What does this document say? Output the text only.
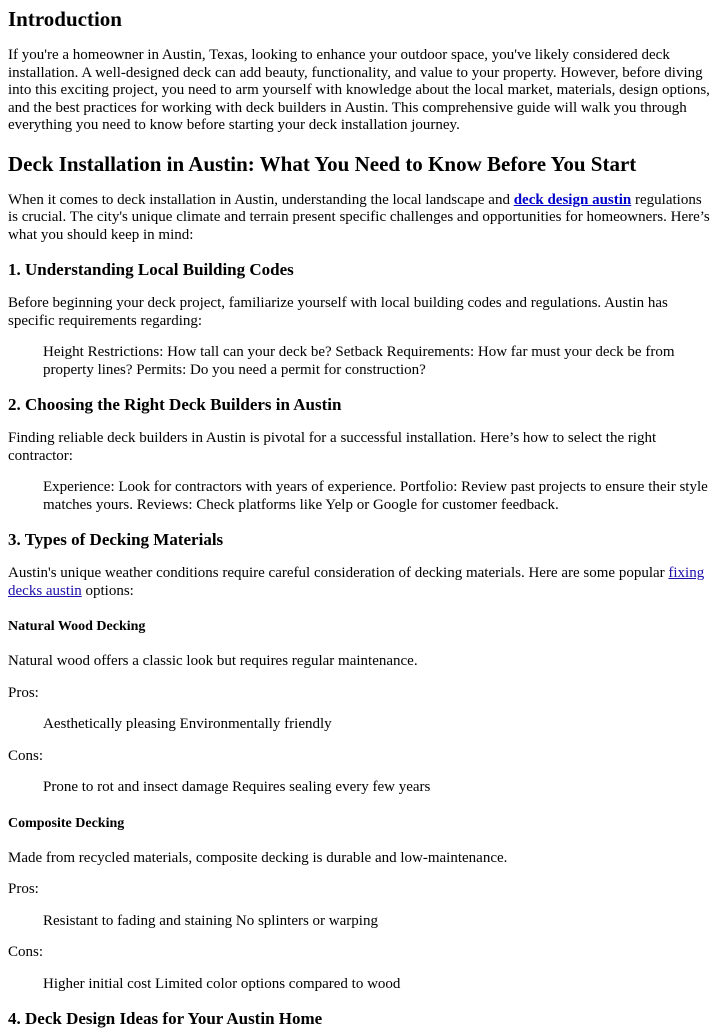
Introduction

If you're a homeowner in Austin, Texas, looking to enhance your outdoor space, you've likely considered deck installation. A well-designed deck can add beauty, functionality, and value to your property. However, before diving into this exciting project, you need to arm yourself with knowledge about the local market, materials, design options, and the best practices for working with deck builders in Austin. This comprehensive guide will walk you through everything you need to know before starting your deck installation journey.

Deck Installation in Austin: What You Need to Know Before You Start

When it comes to deck installation in Austin, understanding the local landscape and deck design austin regulations is crucial. The city's unique climate and terrain present specific challenges and opportunities for homeowners. Here’s what you should keep in mind:

1. Understanding Local Building Codes

Before beginning your deck project, familiarize yourself with local building codes and regulations. Austin has specific requirements regarding:

Height Restrictions: How tall can your deck be? Setback Requirements: How far must your deck be from property lines? Permits: Do you need a permit for construction?

2. Choosing the Right Deck Builders in Austin

Finding reliable deck builders in Austin is pivotal for a successful installation. Here’s how to select the right contractor:

Experience: Look for contractors with years of experience. Portfolio: Review past projects to ensure their style matches yours. Reviews: Check platforms like Yelp or Google for customer feedback.

3. Types of Decking Materials

Austin's unique weather conditions require careful consideration of decking materials. Here are some popular fixing decks austin options:

Natural Wood Decking

Natural wood offers a classic look but requires regular maintenance.

Pros:

Aesthetically pleasing Environmentally friendly

Cons:

Prone to rot and insect damage Requires sealing every few years

Composite Decking

Made from recycled materials, composite decking is durable and low-maintenance.

Pros:

Resistant to fading and staining No splinters or warping

Cons:

Higher initial cost Limited color options compared to wood

4. Deck Design Ideas for Your Austin Home
